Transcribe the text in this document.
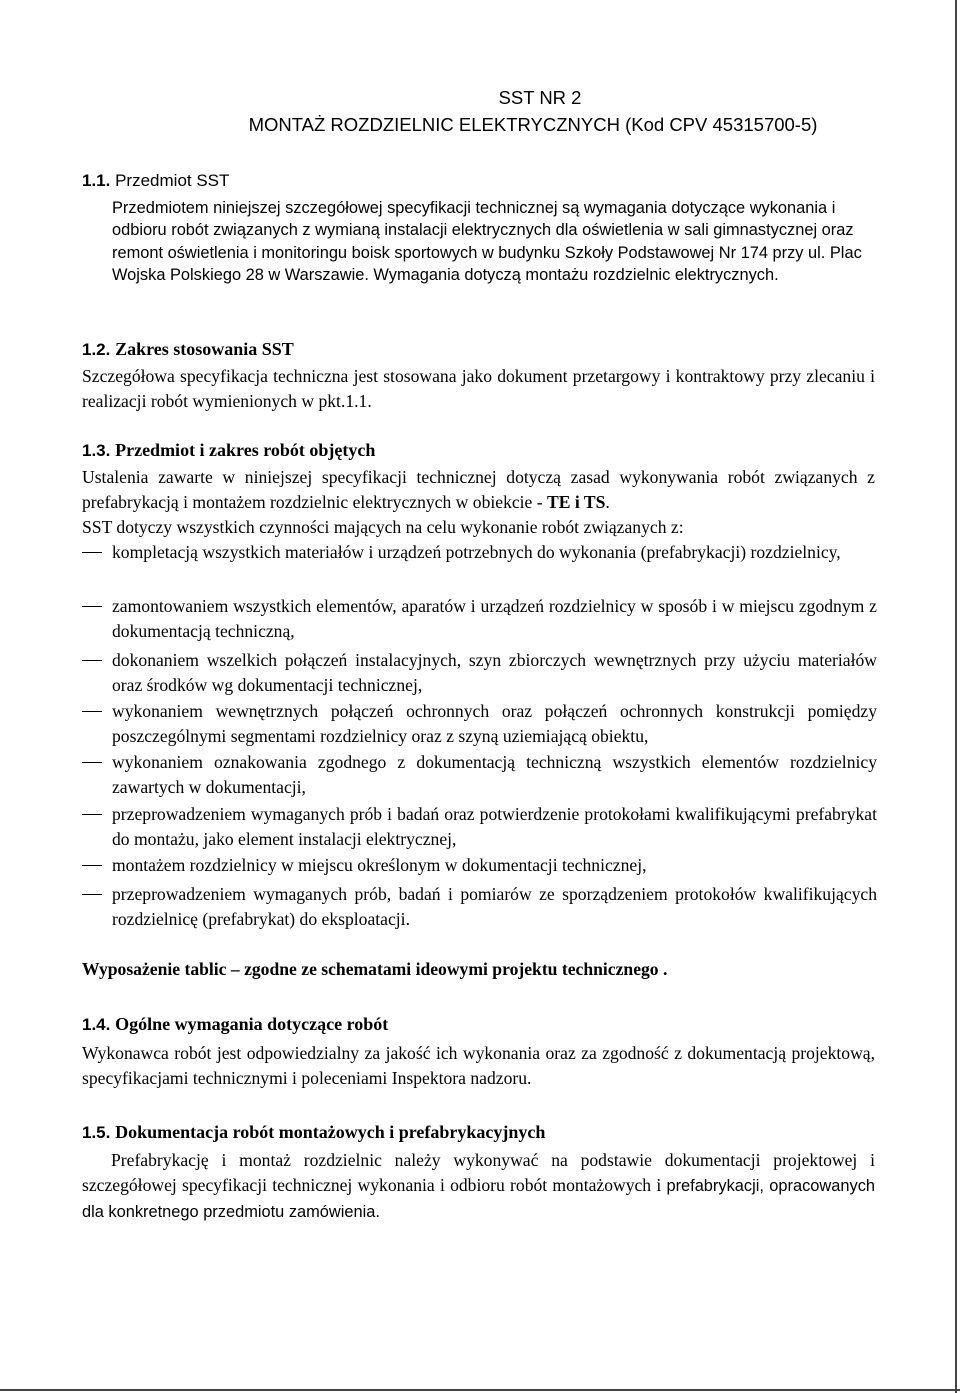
SST NR 2
MONTAŻ ROZDZIELNIC ELEKTRYCZNYCH (Kod CPV 45315700-5)
1.1. Przedmiot SST
Przedmiotem niniejszej szczegółowej specyfikacji technicznej są wymagania dotyczące wykonania i odbioru robót związanych z wymianą instalacji elektrycznych dla oświetlenia w sali gimnastycznej oraz remont oświetlenia i monitoringu boisk sportowych w budynku Szkoły Podstawowej Nr 174 przy ul. Plac Wojska Polskiego 28 w Warszawie. Wymagania dotyczą montażu rozdzielnic elektrycznych.
1.2. Zakres stosowania SST
Szczegółowa specyfikacja techniczna jest stosowana jako dokument przetargowy i kontraktowy przy zlecaniu i realizacji robót wymienionych w pkt.1.1.
1.3. Przedmiot i zakres robót objętych
Ustalenia zawarte w niniejszej specyfikacji technicznej dotyczą zasad wykonywania robót związanych z prefabrykacją i montażem rozdzielnic elektrycznych w obiekcie - TE i TS.
SST dotyczy wszystkich czynności mających na celu wykonanie robót związanych z:
kompletacją wszystkich materiałów i urządzeń potrzebnych do wykonania (prefabrykacji) rozdzielnicy,
zamontowaniem wszystkich elementów, aparatów i urządzeń rozdzielnicy w sposób i w miejscu zgodnym z dokumentacją techniczną,
dokonaniem wszelkich połączeń instalacyjnych, szyn zbiorczych wewnętrznych przy użyciu materiałów oraz środków wg dokumentacji technicznej,
wykonaniem wewnętrznych połączeń ochronnych oraz połączeń ochronnych konstrukcji pomiędzy poszczególnymi segmentami rozdzielnicy oraz z szyną uziemiającą obiektu,
wykonaniem oznakowania zgodnego z dokumentacją techniczną wszystkich elementów rozdzielnicy zawartych w dokumentacji,
przeprowadzeniem wymaganych prób i badań oraz potwierdzenie protokołami kwalifikującymi prefabrykat do montażu, jako element instalacji elektrycznej,
montażem rozdzielnicy w miejscu określonym w dokumentacji technicznej,
przeprowadzeniem wymaganych prób, badań i pomiarów ze sporządzeniem protokołów kwalifikujących rozdzielnicę (prefabrykat) do eksploatacji.
Wyposażenie tablic – zgodne ze schematami ideowymi projektu technicznego .
1.4. Ogólne wymagania dotyczące robót
Wykonawca robót jest odpowiedzialny za jakość ich wykonania oraz za zgodność z dokumentacją projektową, specyfikacjami technicznymi i poleceniami Inspektora nadzoru.
1.5. Dokumentacja robót montażowych i prefabrykacyjnych
Prefabrykację i montaż rozdzielnic należy wykonywać na podstawie dokumentacji projektowej i szczegółowej specyfikacji technicznej wykonania i odbioru robót montażowych i prefabrykacji, opracowanych dla konkretnego przedmiotu zamówienia.
